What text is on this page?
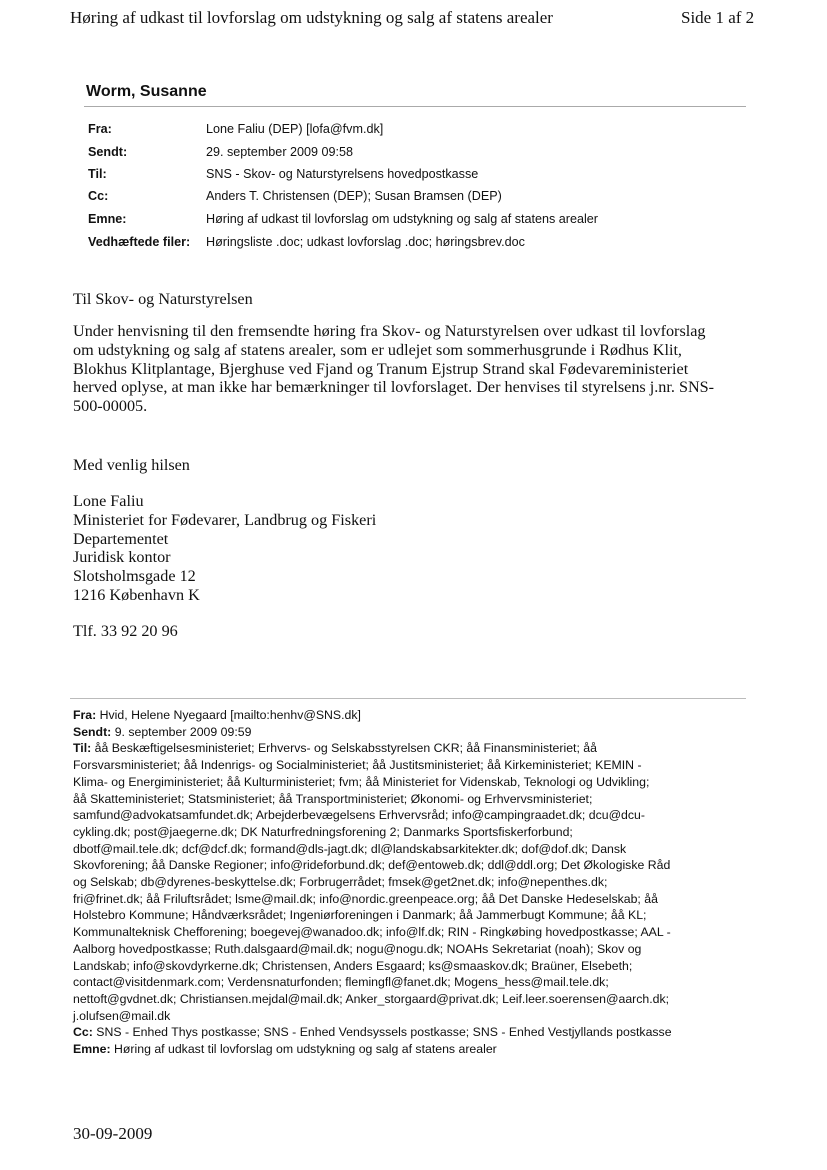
Høring af udkast til lovforslag om udstykning og salg af statens arealer	Side 1 af 2
Worm, Susanne
Fra:	Lone Faliu (DEP) [lofa@fvm.dk]
Sendt:	29. september 2009 09:58
Til:	SNS - Skov- og Naturstyrelsens hovedpostkasse
Cc:	Anders T. Christensen (DEP); Susan Bramsen (DEP)
Emne:	Høring af udkast til lovforslag om udstykning og salg af statens arealer
Vedhæftede filer: Høringsliste .doc; udkast lovforslag .doc; høringsbrev.doc
Til Skov- og Naturstyrelsen
Under henvisning til den fremsendte høring fra Skov- og Naturstyrelsen over udkast til lovforslag
om udstykning og salg af statens arealer, som er udlejet som sommerhusgrunde i Rødhus Klit,
Blokhus Klitplantage, Bjerghuse ved Fjand og Tranum Ejstrup Strand skal Fødevareministeriet
herved oplyse, at man ikke har bemærkninger til lovforslaget. Der henvises til styrelsens j.nr. SNS-
500-00005.
Med venlig hilsen
Lone Faliu
Ministeriet for Fødevarer, Landbrug og Fiskeri
Departementet
Juridisk kontor
Slotsholmsgade 12
1216 København K
Tlf. 33 92 20 96
Fra: Hvid, Helene Nyegaard [mailto:henhv@SNS.dk]
Sendt: 9. september 2009 09:59
Til: åå Beskæftigelsesministeriet; Erhvervs- og Selskabsstyrelsen CKR; åå Finansministeriet; åå
Forsvarsministeriet; åå Indenrigs- og Socialministeriet; åå Justitsministeriet; åå Kirkeministeriet; KEMIN -
Klima- og Energiministeriet; åå Kulturministeriet; fvm; åå Ministeriet for Videnskab, Teknologi og Udvikling;
åå Skatteministeriet; Statsministeriet; åå Transportministeriet; Økonomi- og Erhvervsministeriet;
samfund@advokatsamfundet.dk; Arbejderbevægelsens Erhvervsråd; info@campingraadet.dk; dcu@dcu-
cykling.dk; post@jaegerne.dk; DK Naturfredningsforening 2; Danmarks Sportsfiskerforbund;
dbotf@mail.tele.dk; dcf@dcf.dk; formand@dls-jagt.dk; dl@landskabsarkitekter.dk; dof@dof.dk; Dansk
Skovforening; åå Danske Regioner; info@rideforbund.dk; def@entoweb.dk; ddl@ddl.org; Det Økologiske Råd
og Selskab; db@dyrenes-beskyttelse.dk; Forbrugerrådet; fmsek@get2net.dk; info@nepenthes.dk;
fri@frinet.dk; åå Friluftsrådet; lsme@mail.dk; info@nordic.greenpeace.org; åå Det Danske Hedeselskab; åå
Holstebro Kommune; Håndværksrådet; Ingeniørforeningen i Danmark; åå Jammerbugt Kommune; åå KL;
Kommunalteknisk Chefforening; boegevej@wanadoo.dk; info@lf.dk; RIN - Ringkøbing hovedpostkasse; AAL -
Aalborg hovedpostkasse; Ruth.dalsgaard@mail.dk; nogu@nogu.dk; NOAHs Sekretariat (noah); Skov og
Landskab; info@skovdyrkerne.dk; Christensen, Anders Esgaard; ks@smaaskov.dk; Braüner, Elsebeth;
contact@visitdenmark.com; Verdensnaturfonden; flemingfl@fanet.dk; Mogens_hess@mail.tele.dk;
nettoft@gvdnet.dk; Christiansen.mejdal@mail.dk; Anker_storgaard@privat.dk; Leif.leer.soerensen@aarch.dk;
j.olufsen@mail.dk
Cc: SNS - Enhed Thys postkasse; SNS - Enhed Vendsyssels postkasse; SNS - Enhed Vestjyllands postkasse
Emne: Høring af udkast til lovforslag om udstykning og salg af statens arealer
30-09-2009
